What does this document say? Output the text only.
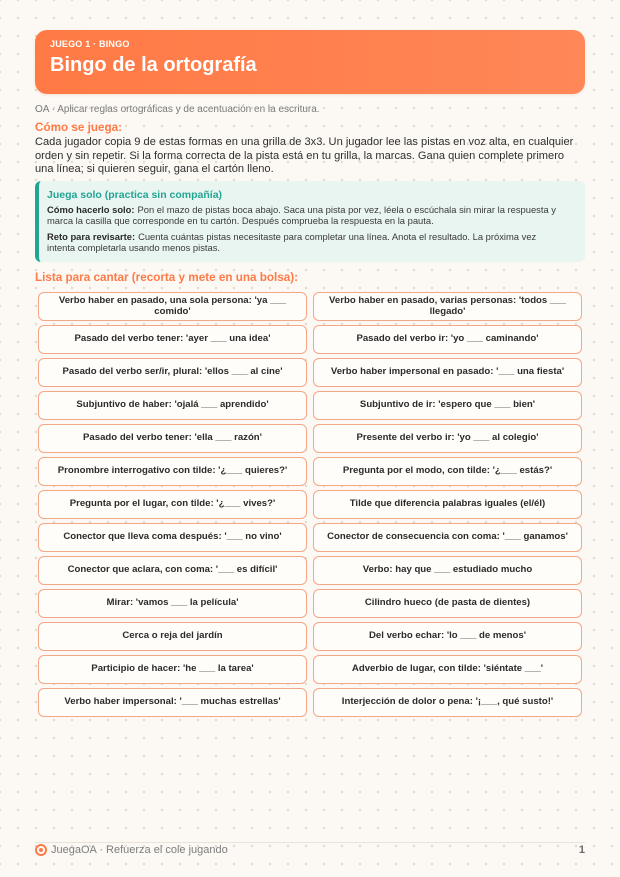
JUEGO 1 · BINGO
Bingo de la ortografía
OA · Aplicar reglas ortográficas y de acentuación en la escritura.
Cómo se juega:
Cada jugador copia 9 de estas formas en una grilla de 3x3. Un jugador lee las pistas en voz alta, en cualquier orden y sin repetir. Si la forma correcta de la pista está en tu grilla, la marcas. Gana quien complete primero una línea; si quieren seguir, gana el cartón lleno.
Juega solo (practica sin compañía)
Cómo hacerlo solo: Pon el mazo de pistas boca abajo. Saca una pista por vez, léela o escúchala sin mirar la respuesta y marca la casilla que corresponde en tu cartón. Después comprueba la respuesta en la pauta.
Reto para revisarte: Cuenta cuántas pistas necesitaste para completar una línea. Anota el resultado. La próxima vez intenta completarla usando menos pistas.
Lista para cantar (recorta y mete en una bolsa):
Verbo haber en pasado, una sola persona: 'ya ___ comido'
Verbo haber en pasado, varias personas: 'todos ___ llegado'
Pasado del verbo tener: 'ayer ___ una idea'	Pasado del verbo ir: 'yo ___ caminando'
Pasado del verbo ser/ir, plural: 'ellos ___ al cine'	Verbo haber impersonal en pasado: '___ una fiesta'
Subjuntivo de haber: 'ojalá ___ aprendido'	Subjuntivo de ir: 'espero que ___ bien'
Pasado del verbo tener: 'ella ___ razón'	Presente del verbo ir: 'yo ___ al colegio'
Pronombre interrogativo con tilde: '¿___ quieres?'	Pregunta por el modo, con tilde: '¿___ estás?'
Pregunta por el lugar, con tilde: '¿___ vives?'	Tilde que diferencia palabras iguales (el/él)
Conector que lleva coma después: '___ no vino'	Conector de consecuencia con coma: '___ ganamos'
Conector que aclara, con coma: '___ es difícil'	Verbo: hay que ___ estudiado mucho
Mirar: 'vamos ___ la película'	Cilindro hueco (de pasta de dientes)
Cerca o reja del jardín	Del verbo echar: 'lo ___ de menos'
Participio de hacer: 'he ___ la tarea'	Adverbio de lugar, con tilde: 'siéntate ___'
Verbo haber impersonal: '___ muchas estrellas'	Interjección de dolor o pena: '¡___, qué susto!'
JuegaOA · Refuerza el cole jugando	1
